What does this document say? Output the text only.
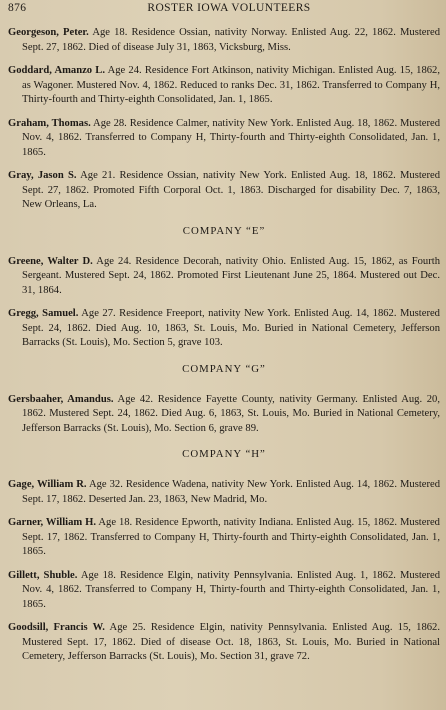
876	ROSTER IOWA VOLUNTEERS

Georgeson, Peter. Age 18. Residence Ossian, nativity Norway. Enlisted Aug. 22, 1862. Mustered Sept. 27, 1862. Died of disease July 31, 1863, Vicksburg, Miss.

Goddard, Amanzo L. Age 24. Residence Fort Atkinson, nativity Michigan. Enlisted Aug. 15, 1862, as Wagoner. Mustered Nov. 4, 1862. Reduced to ranks Dec. 31, 1862. Transferred to Company H, Thirty-fourth and Thirty-eighth Consolidated, Jan. 1, 1865.

Graham, Thomas. Age 28. Residence Calmer, nativity New York. Enlisted Aug. 18, 1862. Mustered Nov. 4, 1862. Transferred to Company H, Thirty-fourth and Thirty-eighth Consolidated, Jan. 1, 1865.

Gray, Jason S. Age 21. Residence Ossian, nativity New York. Enlisted Aug. 18, 1862. Mustered Sept. 27, 1862. Promoted Fifth Corporal Oct. 1, 1863. Discharged for disability Dec. 7, 1863, New Orleans, La.

COMPANY “E”

Greene, Walter D. Age 24. Residence Decorah, nativity Ohio. Enlisted Aug. 15, 1862, as Fourth Sergeant. Mustered Sept. 24, 1862. Promoted First Lieutenant June 25, 1864. Mustered out Dec. 31, 1864.

Gregg, Samuel. Age 27. Residence Freeport, nativity New York. Enlisted Aug. 14, 1862. Mustered Sept. 24, 1862. Died Aug. 10, 1863, St. Louis, Mo. Buried in National Cemetery, Jefferson Barracks (St. Louis), Mo. Section 5, grave 103.

COMPANY “G”

Gersbaaher, Amandus. Age 42. Residence Fayette County, nativity Germany. Enlisted Aug. 20, 1862. Mustered Sept. 24, 1862. Died Aug. 6, 1863, St. Louis, Mo. Buried in National Cemetery, Jefferson Barracks (St. Louis), Mo. Section 6, grave 89.

COMPANY “H”

Gage, William R. Age 32. Residence Wadena, nativity New York. Enlisted Aug. 14, 1862. Mustered Sept. 17, 1862. Deserted Jan. 23, 1863, New Madrid, Mo.

Garner, William H. Age 18. Residence Epworth, nativity Indiana. Enlisted Aug. 15, 1862. Mustered Sept. 17, 1862. Transferred to Company H, Thirty-fourth and Thirty-eighth Consolidated, Jan. 1, 1865.

Gillett, Shuble. Age 18. Residence Elgin, nativity Pennsylvania. Enlisted Aug. 1, 1862. Mustered Nov. 4, 1862. Transferred to Company H, Thirty-fourth and Thirty-eighth Consolidated, Jan. 1, 1865.

Goodsill, Francis W. Age 25. Residence Elgin, nativity Pennsylvania. Enlisted Aug. 15, 1862. Mustered Sept. 17, 1862. Died of disease Oct. 18, 1863, St. Louis, Mo. Buried in National Cemetery, Jefferson Barracks (St. Louis), Mo. Section 31, grave 72.
